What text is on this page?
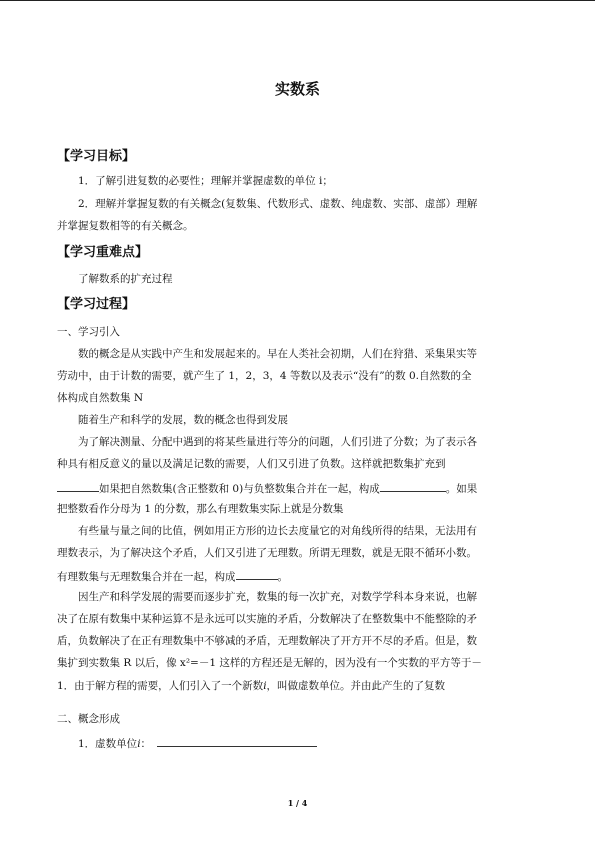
实数系
【学习目标】
1．了解引进复数的必要性；理解并掌握虚数的单位 i；
2．理解并掌握复数的有关概念(复数集、代数形式、虚数、纯虚数、实部、虚部）理解
并掌握复数相等的有关概念。
【学习重难点】
了解数系的扩充过程
【学习过程】
一、学习引入
数的概念是从实践中产生和发展起来的。早在人类社会初期，人们在狩猎、采集果实等
劳动中，由于计数的需要，就产生了 1，2，3，4 等数以及表示“没有”的数 0.自然数的全
体构成自然数集 N
随着生产和科学的发展，数的概念也得到发展
为了解决测量、分配中遇到的将某些量进行等分的问题，人们引进了分数；为了表示各
种具有相反意义的量以及满足记数的需要，人们又引进了负数。这样就把数集扩充到
如果把自然数集(含正整数和 0)与负整数集合并在一起，构成	。如果
把整数看作分母为 1 的分数，那么有理数集实际上就是分数集
有些量与量之间的比值，例如用正方形的边长去度量它的对角线所得的结果，无法用有
理数表示，为了解决这个矛盾，人们又引进了无理数。所谓无理数，就是无限不循环小数。
有理数集与无理数集合并在一起，构成	。
因生产和科学发展的需要而逐步扩充，数集的每一次扩充，对数学学科本身来说，也解
决了在原有数集中某种运算不是永远可以实施的矛盾，分数解决了在整数集中不能整除的矛
盾，负数解决了在正有理数集中不够减的矛盾，无理数解决了开方开不尽的矛盾。但是，数
集扩到实数集 R 以后，像 x²=－1 这样的方程还是无解的，因为没有一个实数的平方等于－
1．由于解方程的需要，人们引入了一个新数i，叫做虚数单位。并由此产生的了复数
二、概念形成
1．虚数单位i：
1 / 4
